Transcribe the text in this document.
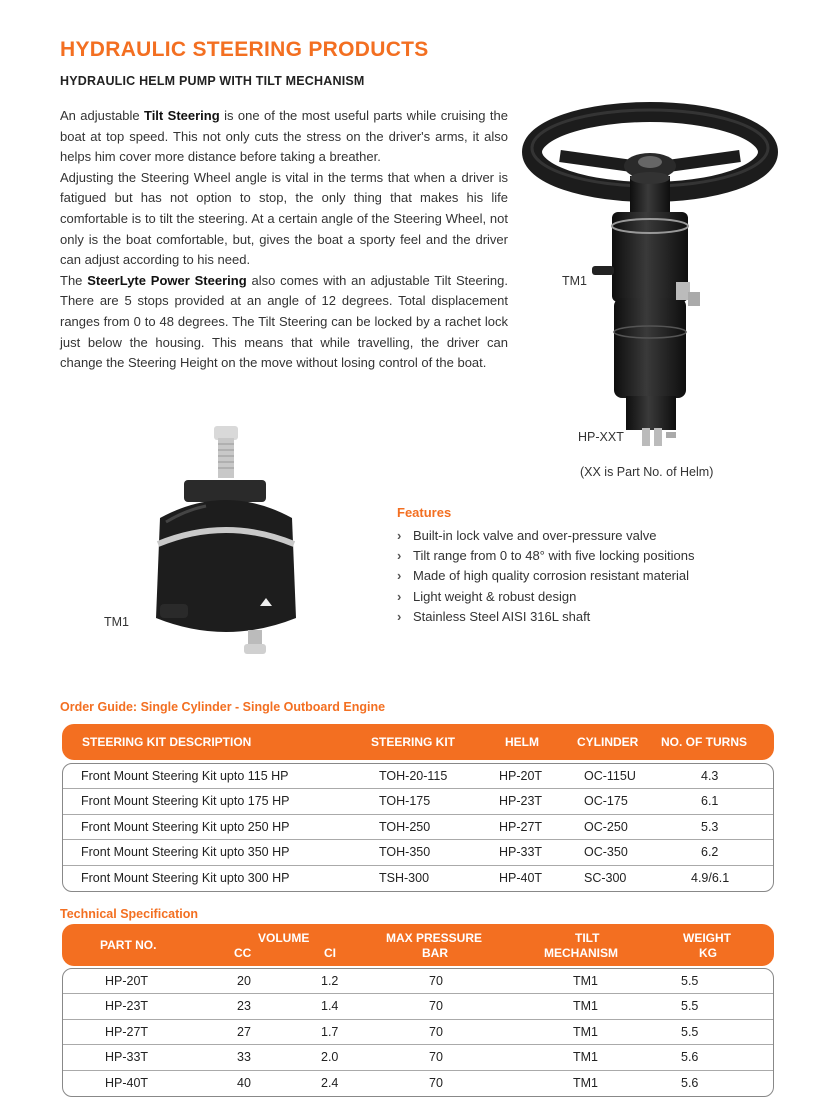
HYDRAULIC STEERING PRODUCTS
HYDRAULIC HELM PUMP WITH TILT MECHANISM

An adjustable Tilt Steering is one of the most useful parts while cruising the boat at top speed. This not only cuts the stress on the driver's arms, it also helps him cover more distance before taking a breather.

Adjusting the Steering Wheel angle is vital in the terms that when a driver is fatigued but has not option to stop, the only thing that makes his life comfortable is to tilt the steering. At a certain angle of the Steering Wheel, not only is the boat comfortable, but, gives the boat a sporty feel and the driver can adjust according to his need.

The SteerLyte Power Steering also comes with an adjustable Tilt Steering. There are 5 stops provided at an angle of 12 degrees. Total displacement ranges from 0 to 48 degrees. The Tilt Steering can be locked by a rachet lock just below the housing. This means that while travelling, the driver can change the Steering Height on the move without losing control of the boat.

TM1
HP-XXT
(XX is Part No. of Helm)
TM1
Features
› Built-in lock valve and over-pressure valve
› Tilt range from 0 to 48° with five locking positions
› Made of high quality corrosion resistant material
› Light weight & robust design
› Stainless Steel AISI 316L shaft
Order Guide: Single Cylinder - Single Outboard Engine
STEERING KIT DESCRIPTION	STEERING KIT	HELM	CYLINDER NO. OF TURNS
Front Mount Steering Kit upto 115 HP	TOH-20-115	HP-20T	OC-115U	4.3
Front Mount Steering Kit upto 175 HP	TOH-175	HP-23T	OC-175	6.1
Front Mount Steering Kit upto 250 HP	TOH-250	HP-27T	OC-250	5.3
Front Mount Steering Kit upto 350 HP	TOH-350	HP-33T	OC-350	6.2
Front Mount Steering Kit upto 300 HP	TSH-300	HP-40T	SC-300	4.9/6.1
Technical Specification
PART NO.	VOLUME
CC	CI
MAX PRESSURE
BAR
TILT
MECHANISM
WEIGHT
KG
HP-20T	20	1.2	70	TM1	5.5
HP-23T	23	1.4	70	TM1	5.5
HP-27T	27	1.7	70	TM1	5.5
HP-33T	33	2.0	70	TM1	5.6
HP-40T	40	2.4	70	TM1	5.6
